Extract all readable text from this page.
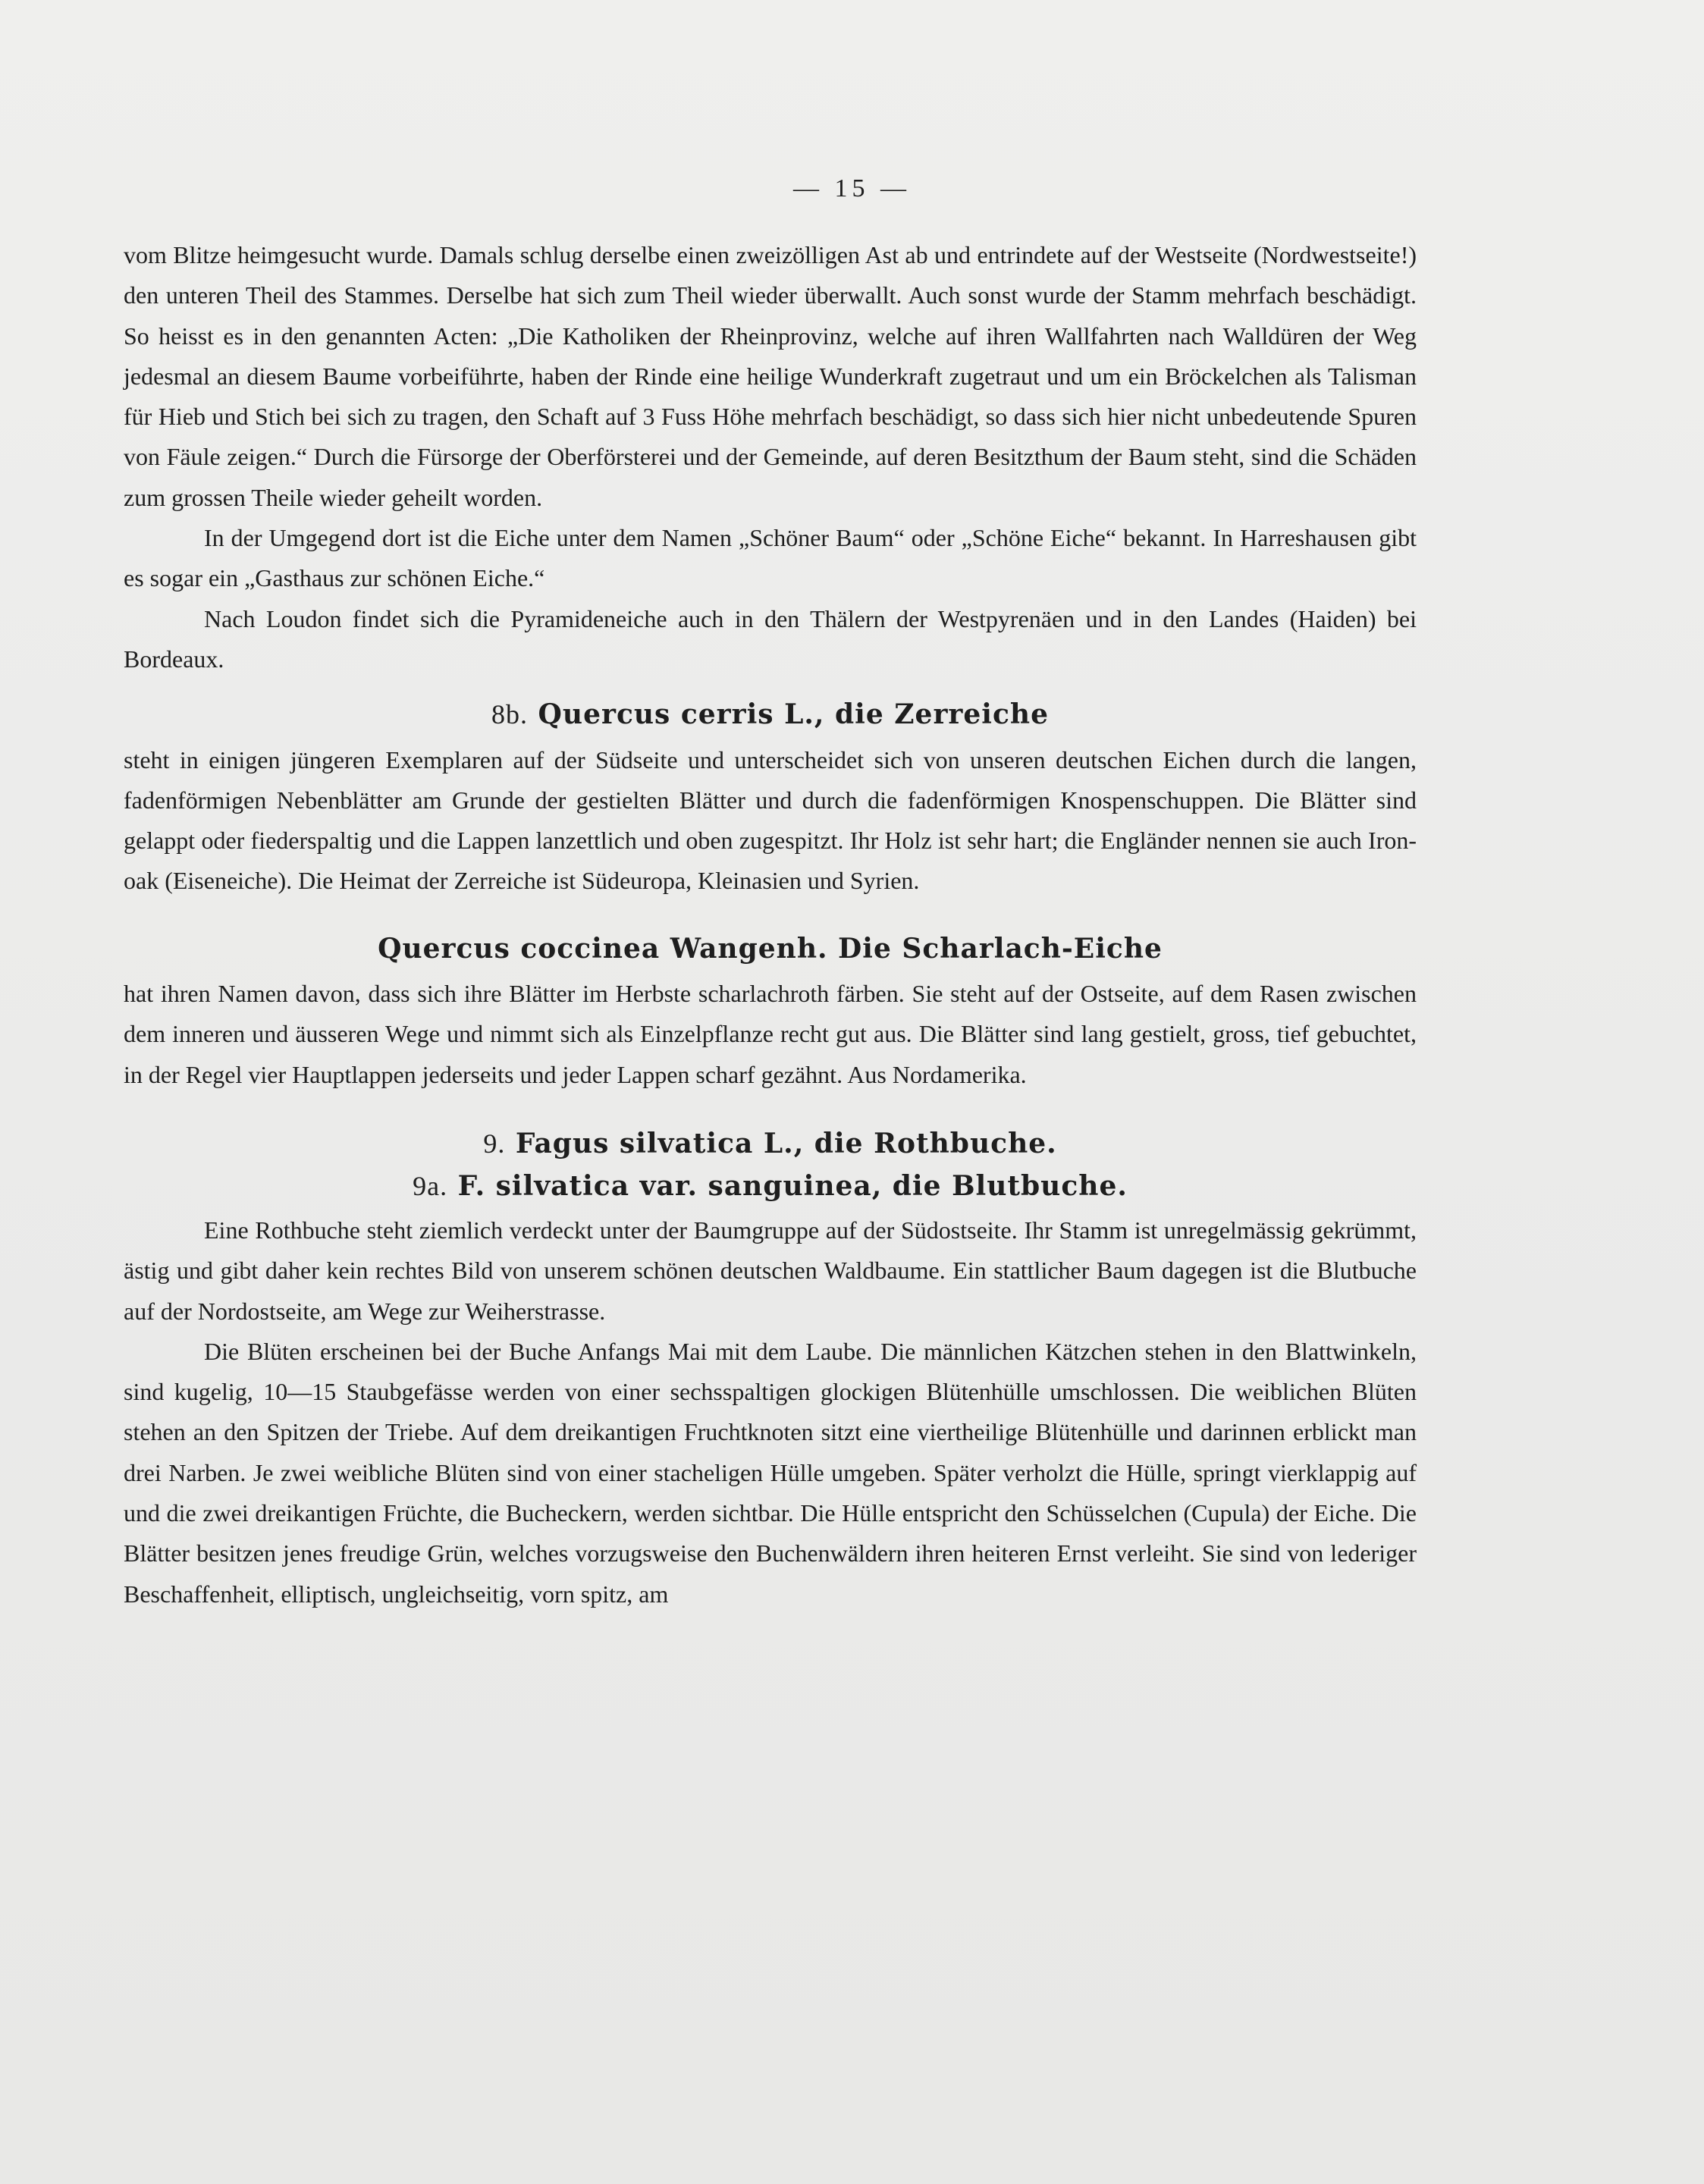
— 15 —

vom Blitze heimgesucht wurde. Damals schlug derselbe einen zweizölligen Ast ab und entrindete auf der Westseite (Nordwestseite!) den unteren Theil des Stammes. Derselbe hat sich zum Theil wieder überwallt. Auch sonst wurde der Stamm mehrfach beschädigt. So heisst es in den genannten Acten: „Die Katholiken der Rheinprovinz, welche auf ihren Wallfahrten nach Walldüren der Weg jedesmal an diesem Baume vorbeiführte, haben der Rinde eine heilige Wunderkraft zugetraut und um ein Bröckelchen als Talisman für Hieb und Stich bei sich zu tragen, den Schaft auf 3 Fuss Höhe mehrfach beschädigt, so dass sich hier nicht unbedeutende Spuren von Fäule zeigen.“ Durch die Fürsorge der Oberförsterei und der Gemeinde, auf deren Besitzthum der Baum steht, sind die Schäden zum grossen Theile wieder geheilt worden.

In der Umgegend dort ist die Eiche unter dem Namen „Schöner Baum“ oder „Schöne Eiche“ bekannt. In Harreshausen gibt es sogar ein „Gasthaus zur schönen Eiche.“

Nach Loudon findet sich die Pyramideneiche auch in den Thälern der Westpyrenäen und in den Landes (Haiden) bei Bordeaux.

8b. Quercus cerris L., die Zerreiche

steht in einigen jüngeren Exemplaren auf der Südseite und unterscheidet sich von unseren deutschen Eichen durch die langen, fadenförmigen Nebenblätter am Grunde der gestielten Blätter und durch die fadenförmigen Knospenschuppen. Die Blätter sind gelappt oder fiederspaltig und die Lappen lanzettlich und oben zugespitzt. Ihr Holz ist sehr hart; die Engländer nennen sie auch Iron-oak (Eiseneiche). Die Heimat der Zerreiche ist Südeuropa, Kleinasien und Syrien.

Quercus coccinea Wangenh. Die Scharlach-Eiche

hat ihren Namen davon, dass sich ihre Blätter im Herbste scharlachroth färben. Sie steht auf der Ostseite, auf dem Rasen zwischen dem inneren und äusseren Wege und nimmt sich als Einzelpflanze recht gut aus. Die Blätter sind lang gestielt, gross, tief gebuchtet, in der Regel vier Hauptlappen jederseits und jeder Lappen scharf gezähnt. Aus Nordamerika.

9. Fagus silvatica L., die Rothbuche.
9a. F. silvatica var. sanguinea, die Blutbuche.

Eine Rothbuche steht ziemlich verdeckt unter der Baumgruppe auf der Südostseite. Ihr Stamm ist unregelmässig gekrümmt, ästig und gibt daher kein rechtes Bild von unserem schönen deutschen Waldbaume. Ein stattlicher Baum dagegen ist die Blutbuche auf der Nordostseite, am Wege zur Weiherstrasse.

Die Blüten erscheinen bei der Buche Anfangs Mai mit dem Laube. Die männlichen Kätzchen stehen in den Blattwinkeln, sind kugelig, 10—15 Staubgefässe werden von einer sechsspaltigen glockigen Blütenhülle umschlossen. Die weiblichen Blüten stehen an den Spitzen der Triebe. Auf dem dreikantigen Fruchtknoten sitzt eine viertheilige Blütenhülle und darinnen erblickt man drei Narben. Je zwei weibliche Blüten sind von einer stacheligen Hülle umgeben. Später verholzt die Hülle, springt vierklappig auf und die zwei dreikantigen Früchte, die Bucheckern, werden sichtbar. Die Hülle entspricht den Schüsselchen (Cupula) der Eiche. Die Blätter besitzen jenes freudige Grün, welches vorzugsweise den Buchenwäldern ihren heiteren Ernst verleiht. Sie sind von lederiger Beschaffenheit, elliptisch, ungleichseitig, vorn spitz, am
